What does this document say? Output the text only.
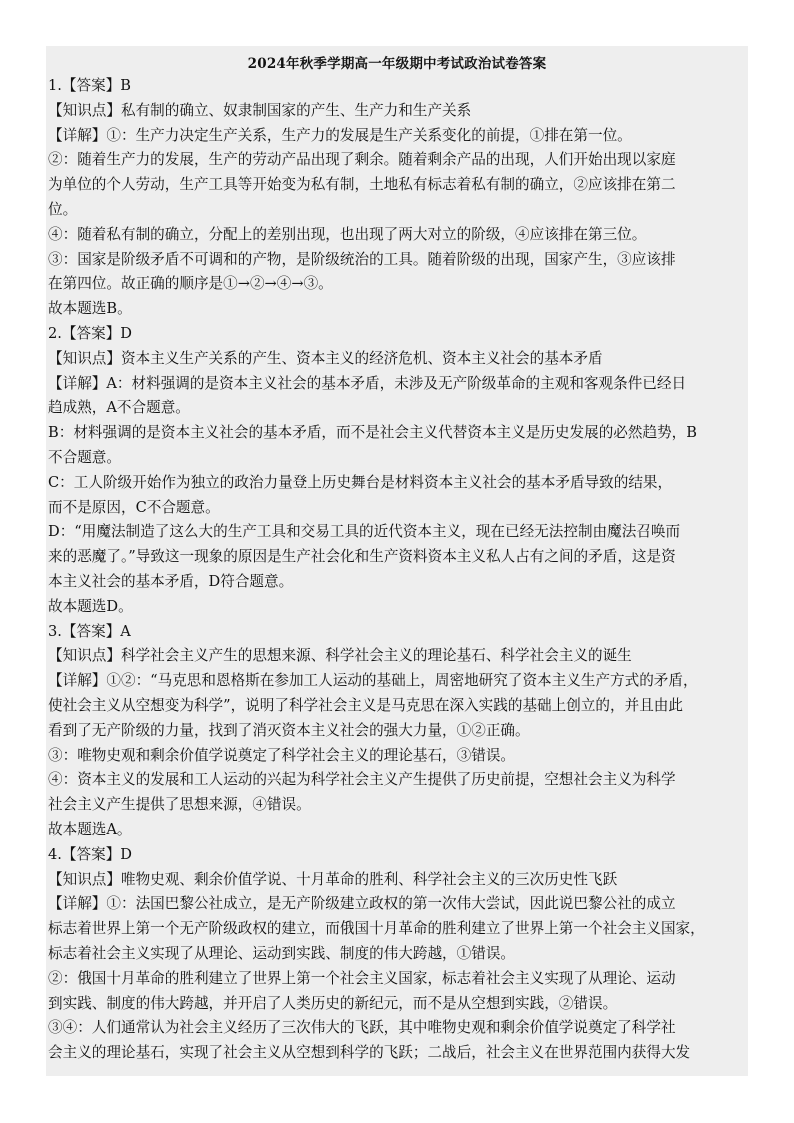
2024年秋季学期高一年级期中考试政治试卷答案
1.【答案】B
【知识点】私有制的确立、奴隶制国家的产生、生产力和生产关系
【详解】①：生产力决定生产关系，生产力的发展是生产关系变化的前提，①排在第一位。
②：随着生产力的发展，生产的劳动产品出现了剩余。随着剩余产品的出现，人们开始出现以家庭
为单位的个人劳动，生产工具等开始变为私有制，土地私有标志着私有制的确立，②应该排在第二
位。
④：随着私有制的确立，分配上的差别出现，也出现了两大对立的阶级，④应该排在第三位。
③：国家是阶级矛盾不可调和的产物，是阶级统治的工具。随着阶级的出现，国家产生，③应该排
在第四位。故正确的顺序是①→②→④→③。
故本题选B。
2.【答案】D
【知识点】资本主义生产关系的产生、资本主义的经济危机、资本主义社会的基本矛盾
【详解】A：材料强调的是资本主义社会的基本矛盾，未涉及无产阶级革命的主观和客观条件已经日
趋成熟，A不合题意。
B：材料强调的是资本主义社会的基本矛盾，而不是社会主义代替资本主义是历史发展的必然趋势，B
不合题意。
C：工人阶级开始作为独立的政治力量登上历史舞台是材料资本主义社会的基本矛盾导致的结果，
而不是原因，C不合题意。
D：“用魔法制造了这么大的生产工具和交易工具的近代资本主义，现在已经无法控制由魔法召唤而
来的恶魔了。”导致这一现象的原因是生产社会化和生产资料资本主义私人占有之间的矛盾，这是资
本主义社会的基本矛盾，D符合题意。
故本题选D。
3.【答案】A
【知识点】科学社会主义产生的思想来源、科学社会主义的理论基石、科学社会主义的诞生
【详解】①②：“马克思和恩格斯在参加工人运动的基础上，周密地研究了资本主义生产方式的矛盾，
使社会主义从空想变为科学”，说明了科学社会主义是马克思在深入实践的基础上创立的，并且由此
看到了无产阶级的力量，找到了消灭资本主义社会的强大力量，①②正确。
③：唯物史观和剩余价值学说奠定了科学社会主义的理论基石，③错误。
④：资本主义的发展和工人运动的兴起为科学社会主义产生提供了历史前提，空想社会主义为科学
社会主义产生提供了思想来源，④错误。
故本题选A。
4.【答案】D
【知识点】唯物史观、剩余价值学说、十月革命的胜利、科学社会主义的三次历史性飞跃
【详解】①：法国巴黎公社成立，是无产阶级建立政权的第一次伟大尝试，因此说巴黎公社的成立
标志着世界上第一个无产阶级政权的建立，而俄国十月革命的胜利建立了世界上第一个社会主义国家，
标志着社会主义实现了从理论、运动到实践、制度的伟大跨越，①错误。
②：俄国十月革命的胜利建立了世界上第一个社会主义国家，标志着社会主义实现了从理论、运动
到实践、制度的伟大跨越，并开启了人类历史的新纪元，而不是从空想到实践，②错误。
③④：人们通常认为社会主义经历了三次伟大的飞跃，其中唯物史观和剩余价值学说奠定了科学社
会主义的理论基石，实现了社会主义从空想到科学的飞跃；二战后，社会主义在世界范围内获得大发
